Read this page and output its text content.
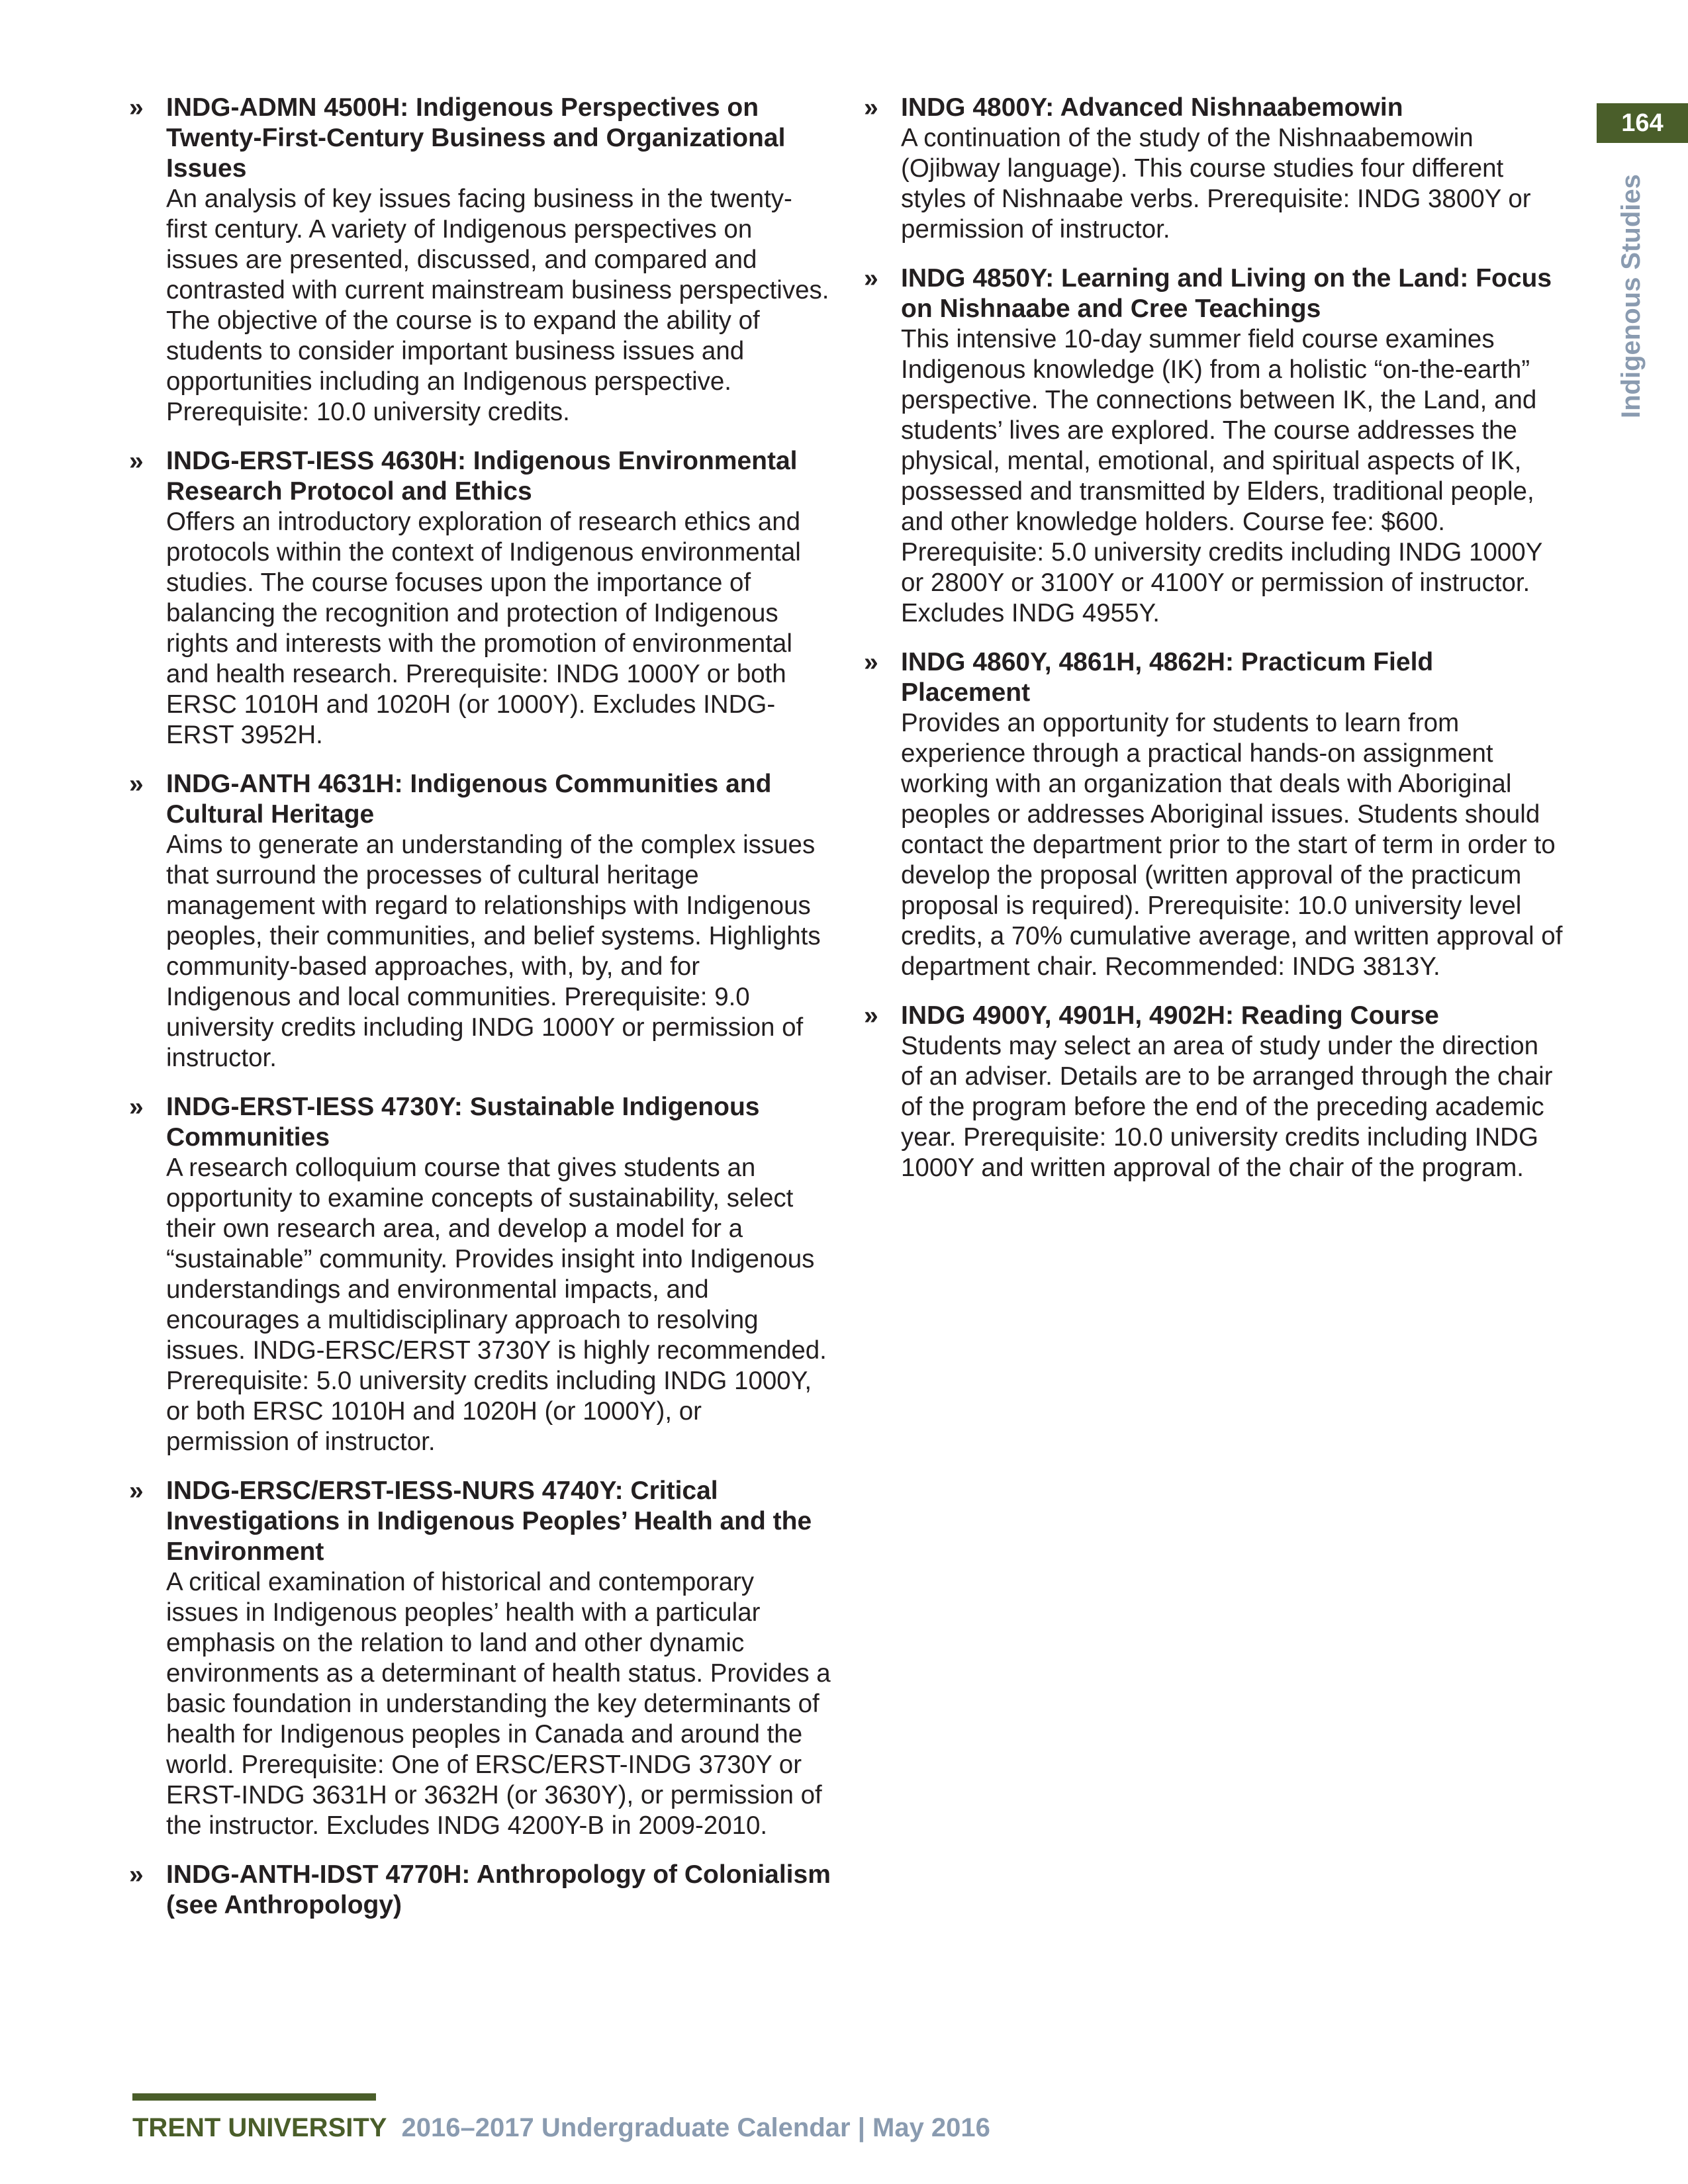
164
Indigenous Studies
» INDG-ADMN 4500H: Indigenous Perspectives on Twenty-First-Century Business and Organizational Issues

An analysis of key issues facing business in the twenty-first century. A variety of Indigenous perspectives on issues are presented, discussed, and compared and contrasted with current mainstream business perspectives. The objective of the course is to expand the ability of students to consider important business issues and opportunities including an Indigenous perspective. Prerequisite: 10.0 university credits.

» INDG-ERST-IESS 4630H: Indigenous Environmental Research Protocol and Ethics

Offers an introductory exploration of research ethics and protocols within the context of Indigenous environmental studies. The course focuses upon the importance of balancing the recognition and protection of Indigenous rights and interests with the promotion of environmental and health research. Prerequisite: INDG 1000Y or both ERSC 1010H and 1020H (or 1000Y). Excludes INDG-ERST 3952H.

» INDG-ANTH 4631H: Indigenous Communities and Cultural Heritage

Aims to generate an understanding of the complex issues that surround the processes of cultural heritage management with regard to relationships with Indigenous peoples, their communities, and belief systems. Highlights community-based approaches, with, by, and for Indigenous and local communities. Prerequisite: 9.0 university credits including INDG 1000Y or permission of instructor.

» INDG-ERST-IESS 4730Y: Sustainable Indigenous Communities

A research colloquium course that gives students an opportunity to examine concepts of sustainability, select their own research area, and develop a model for a “sustainable” community. Provides insight into Indigenous understandings and environmental impacts, and encourages a multidisciplinary approach to resolving issues. INDG-ERSC/ERST 3730Y is highly recommended. Prerequisite: 5.0 university credits including INDG 1000Y, or both ERSC 1010H and 1020H (or 1000Y), or permission of instructor.

» INDG-ERSC/ERST-IESS-NURS 4740Y: Critical Investigations in Indigenous Peoples’ Health and the Environment

A critical examination of historical and contemporary issues in Indigenous peoples’ health with a particular emphasis on the relation to land and other dynamic environments as a determinant of health status. Provides a basic foundation in understanding the key determinants of health for Indigenous peoples in Canada and around the world. Prerequisite: One of ERSC/ERST-INDG 3730Y or ERST-INDG 3631H or 3632H (or 3630Y), or permission of the instructor. Excludes INDG 4200Y-B in 2009-2010.

» INDG-ANTH-IDST 4770H: Anthropology of Colonialism (see Anthropology)

» INDG 4800Y: Advanced Nishnaabemowin

A continuation of the study of the Nishnaabemowin (Ojibway language). This course studies four different styles of Nishnaabe verbs. Prerequisite: INDG 3800Y or permission of instructor.

» INDG 4850Y: Learning and Living on the Land: Focus on Nishnaabe and Cree Teachings

This intensive 10-day summer field course examines Indigenous knowledge (IK) from a holistic “on-the-earth” perspective. The connections between IK, the Land, and students’ lives are explored. The course addresses the physical, mental, emotional, and spiritual aspects of IK, possessed and transmitted by Elders, traditional people, and other knowledge holders. Course fee: $600. Prerequisite: 5.0 university credits including INDG 1000Y or 2800Y or 3100Y or 4100Y or permission of instructor. Excludes INDG 4955Y.

» INDG 4860Y, 4861H, 4862H: Practicum Field Placement

Provides an opportunity for students to learn from experience through a practical hands-on assignment working with an organization that deals with Aboriginal peoples or addresses Aboriginal issues. Students should contact the department prior to the start of term in order to develop the proposal (written approval of the practicum proposal is required). Prerequisite: 10.0 university level credits, a 70% cumulative average, and written approval of department chair. Recommended: INDG 3813Y.

» INDG 4900Y, 4901H, 4902H: Reading Course

Students may select an area of study under the direction of an adviser. Details are to be arranged through the chair of the program before the end of the preceding academic year. Prerequisite: 10.0 university credits including INDG 1000Y and written approval of the chair of the program.

TRENT UNIVERSITY 2016–2017 Undergraduate Calendar | May 2016
